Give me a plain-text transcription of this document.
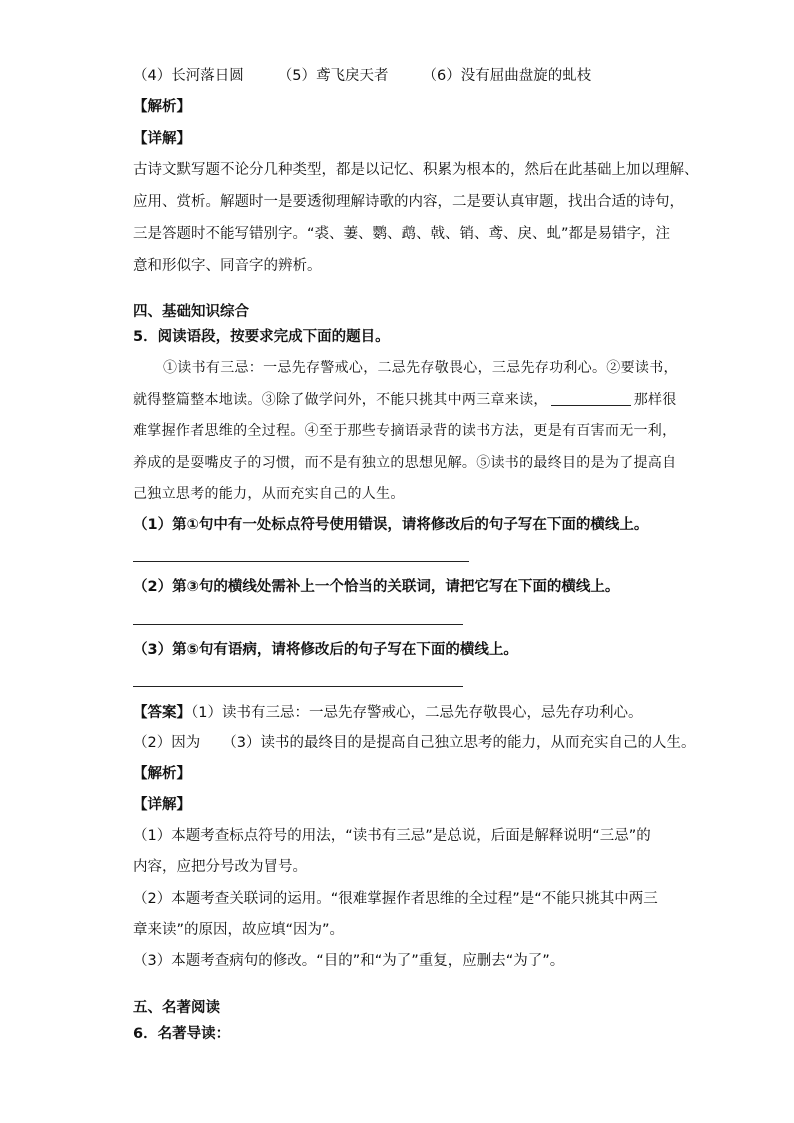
（4）长河落日圆 （5）鸢飞戾天者 （6）没有屈曲盘旋的虬枝
【解析】
【详解】
古诗文默写题不论分几种类型，都是以记忆、积累为根本的，然后在此基础上加以理解、
应用、赏析。解题时一是要透彻理解诗歌的内容，二是要认真审题，找出合适的诗句，
三是答题时不能写错别字。“裘、萋、鹦、鹉、戟、销、鸢、戾、虬”都是易错字，注
意和形似字、同音字的辨析。
四、基础知识综合
5．阅读语段，按要求完成下面的题目。
①读书有三忌：一忌先存警戒心，二忌先存敬畏心，三忌先存功利心。②要读书，
就得整篇整本地读。③除了做学问外，不能只挑其中两三章来读，	那样很
难掌握作者思维的全过程。④至于那些专摘语录背的读书方法，更是有百害而无一利，
养成的是耍嘴皮子的习惯，而不是有独立的思想见解。⑤读书的最终目的是为了提高自
己独立思考的能力，从而充实自己的人生。
（1）第①句中有一处标点符号使用错误，请将修改后的句子写在下面的横线上。
（2）第③句的横线处需补上一个恰当的关联词，请把它写在下面的横线上。
（3）第⑤句有语病，请将修改后的句子写在下面的横线上。
【答案】（1）读书有三忌：一忌先存警戒心，二忌先存敬畏心，忌先存功利心。
（2）因为 （3）读书的最终目的是提高自己独立思考的能力，从而充实自己的人生。
【解析】
【详解】
（1）本题考查标点符号的用法，“读书有三忌”是总说，后面是解释说明“三忌”的
内容，应把分号改为冒号。
（2）本题考查关联词的运用。“很难掌握作者思维的全过程”是“不能只挑其中两三
章来读”的原因，故应填“因为”。
（3）本题考查病句的修改。“目的”和“为了”重复，应删去“为了”。
五、名著阅读
6．名著导读：
